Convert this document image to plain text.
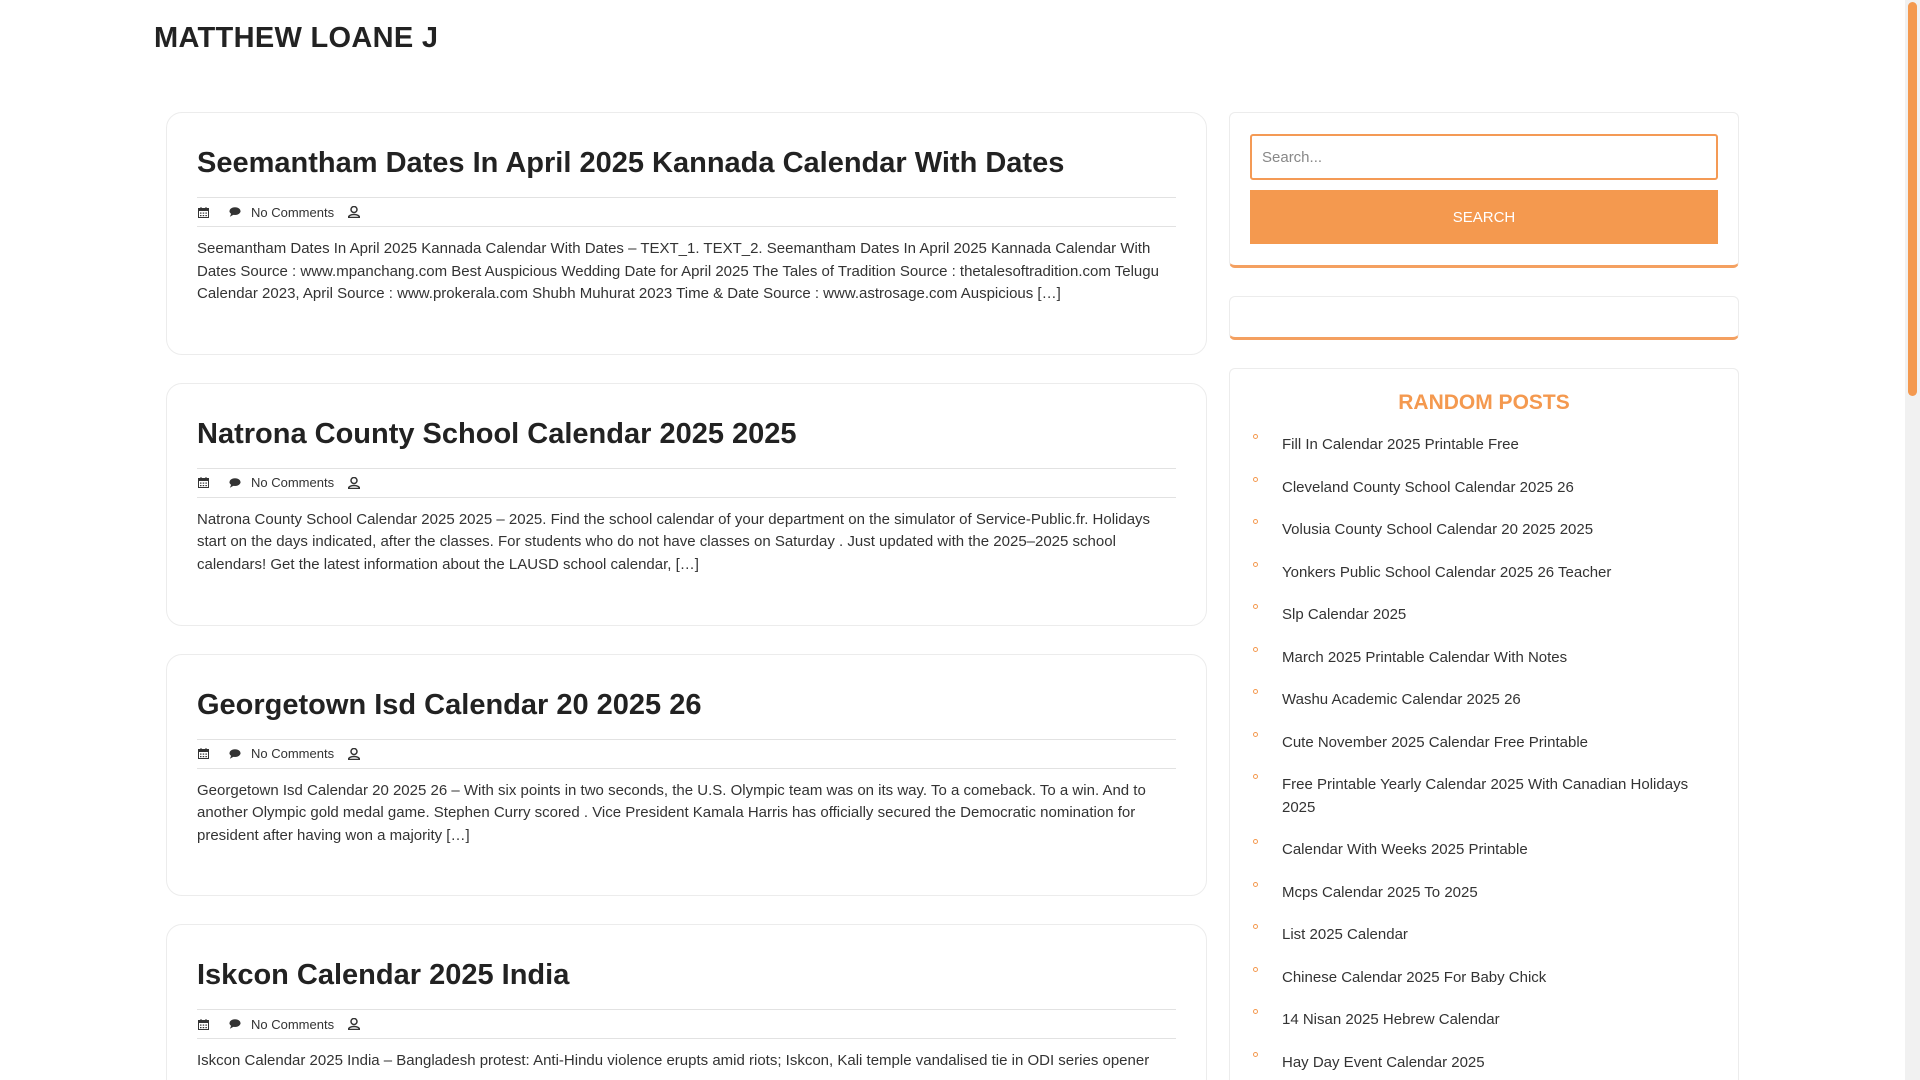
MATTHEW LOANE J
Seemantham Dates In April 2025 Kannada Calendar With Dates
No Comments

Seemantham Dates In April 2025 Kannada Calendar With Dates – TEXT_1. TEXT_2. Seemantham Dates In April 2025 Kannada Calendar With Dates Source : www.mpanchang.com Best Auspicious Wedding Date for April 2025 The Tales of Tradition Source : thetalesoftradition.com Telugu Calendar 2023, April Source : www.prokerala.com Shubh Muhurat 2023 Time & Date Source : www.astrosage.com Auspicious […]

Natrona County School Calendar 2025 2025
No Comments

Natrona County School Calendar 2025 2025 – 2025. Find the school calendar of your department on the simulator of Service-Public.fr. Holidays start on the days indicated, after the classes. For students who do not have classes on Saturday . Just updated with the 2025–2025 school calendars! Get the latest information about the LAUSD school calendar, […]

Georgetown Isd Calendar 20 2025 26
No Comments

Georgetown Isd Calendar 20 2025 26 – With six points in two seconds, the U.S. Olympic team was on its way. To a comeback. To a win. And to another Olympic gold medal game. Stephen Curry scored . Vice President Kamala Harris has officially secured the Democratic nomination for president after having won a majority […]

Iskcon Calendar 2025 India
No Comments

Iskcon Calendar 2025 India – Bangladesh protest: Anti-Hindu violence erupts amid riots; Iskcon, Kali temple vandalised tie in ODI series opener

Search...
SEARCH
RANDOM POSTS
Fill In Calendar 2025 Printable Free
Cleveland County School Calendar 2025 26
Volusia County School Calendar 20 2025 2025
Yonkers Public School Calendar 2025 26 Teacher
Slp Calendar 2025
March 2025 Printable Calendar With Notes
Washu Academic Calendar 2025 26
Cute November 2025 Calendar Free Printable
Free Printable Yearly Calendar 2025 With Canadian Holidays 2025
Calendar With Weeks 2025 Printable
Mcps Calendar 2025 To 2025
List 2025 Calendar
Chinese Calendar 2025 For Baby Chick
14 Nisan 2025 Hebrew Calendar
Hay Day Event Calendar 2025
